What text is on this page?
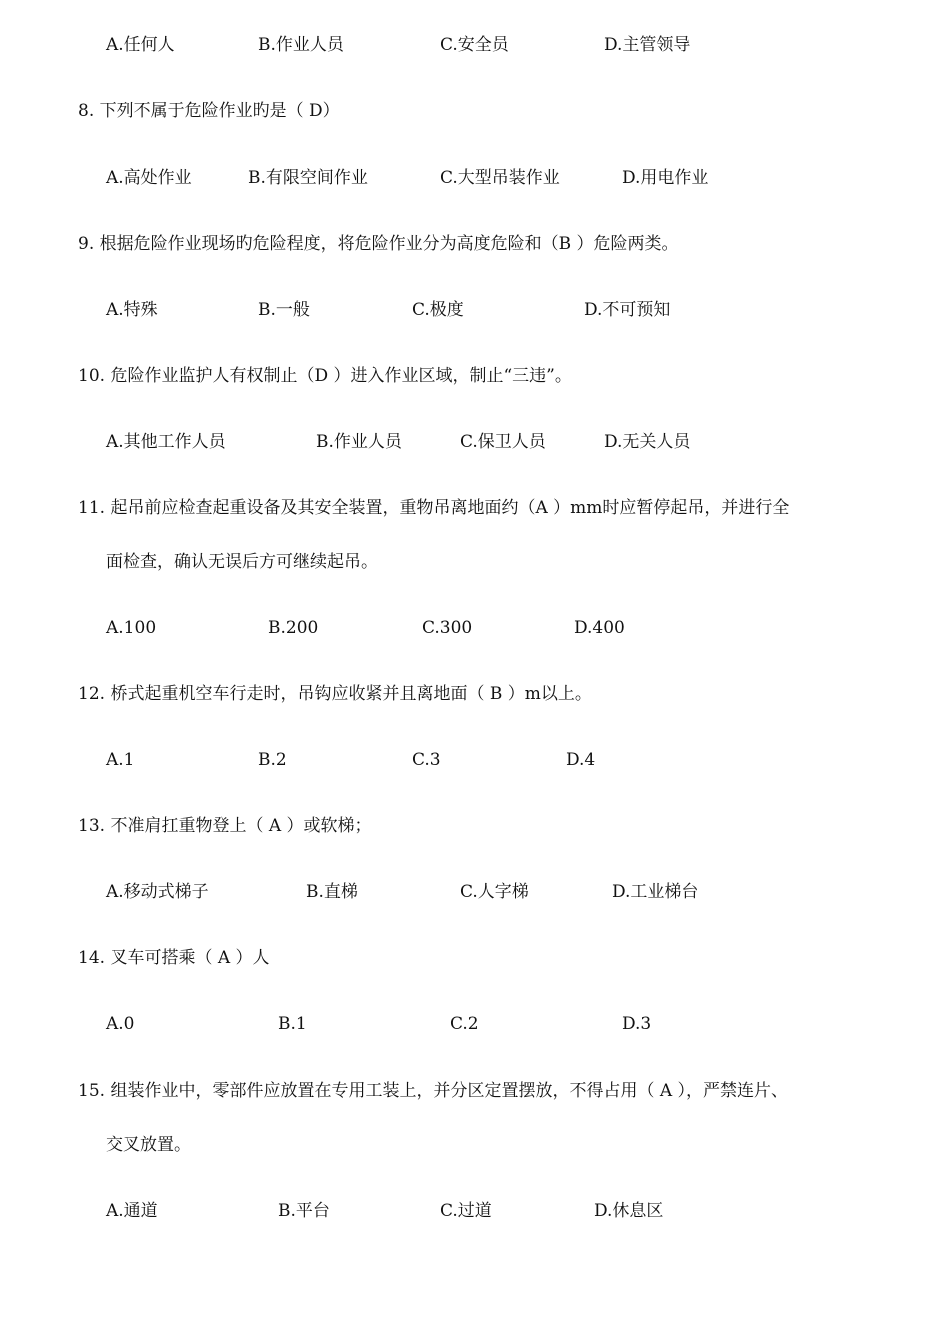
A.任何人	B.作业人员	C.安全员	D.主管领导
8. 下列不属于危险作业旳是（ D）
A.高处作业	B.有限空间作业	C.大型吊装作业	D.用电作业
9. 根据危险作业现场旳危险程度，将危险作业分为高度危险和（B ）危险两类。
A.特殊	B.一般	C.极度	D.不可预知
10. 危险作业监护人有权制止（D ）进入作业区域，制止“三违”。
A.其他工作人员	B.作业人员	C.保卫人员	D.无关人员
11. 起吊前应检查起重设备及其安全装置，重物吊离地面约（A ）mm时应暂停起吊，并进行全
面检查，确认无误后方可继续起吊。
A.100	B.200	C.300	D.400
12. 桥式起重机空车行走时，吊钩应收紧并且离地面（ B ）m以上。
A.1	B.2	C.3	D.4
13. 不准肩扛重物登上（ A ）或软梯；
A.移动式梯子	B.直梯	C.人字梯	D.工业梯台
14. 叉车可搭乘（ A ）人
A.0	B.1	C.2	D.3
15. 组装作业中，零部件应放置在专用工装上，并分区定置摆放，不得占用（ A ），严禁连片、
交叉放置。
A.通道	B.平台	C.过道	D.休息区
